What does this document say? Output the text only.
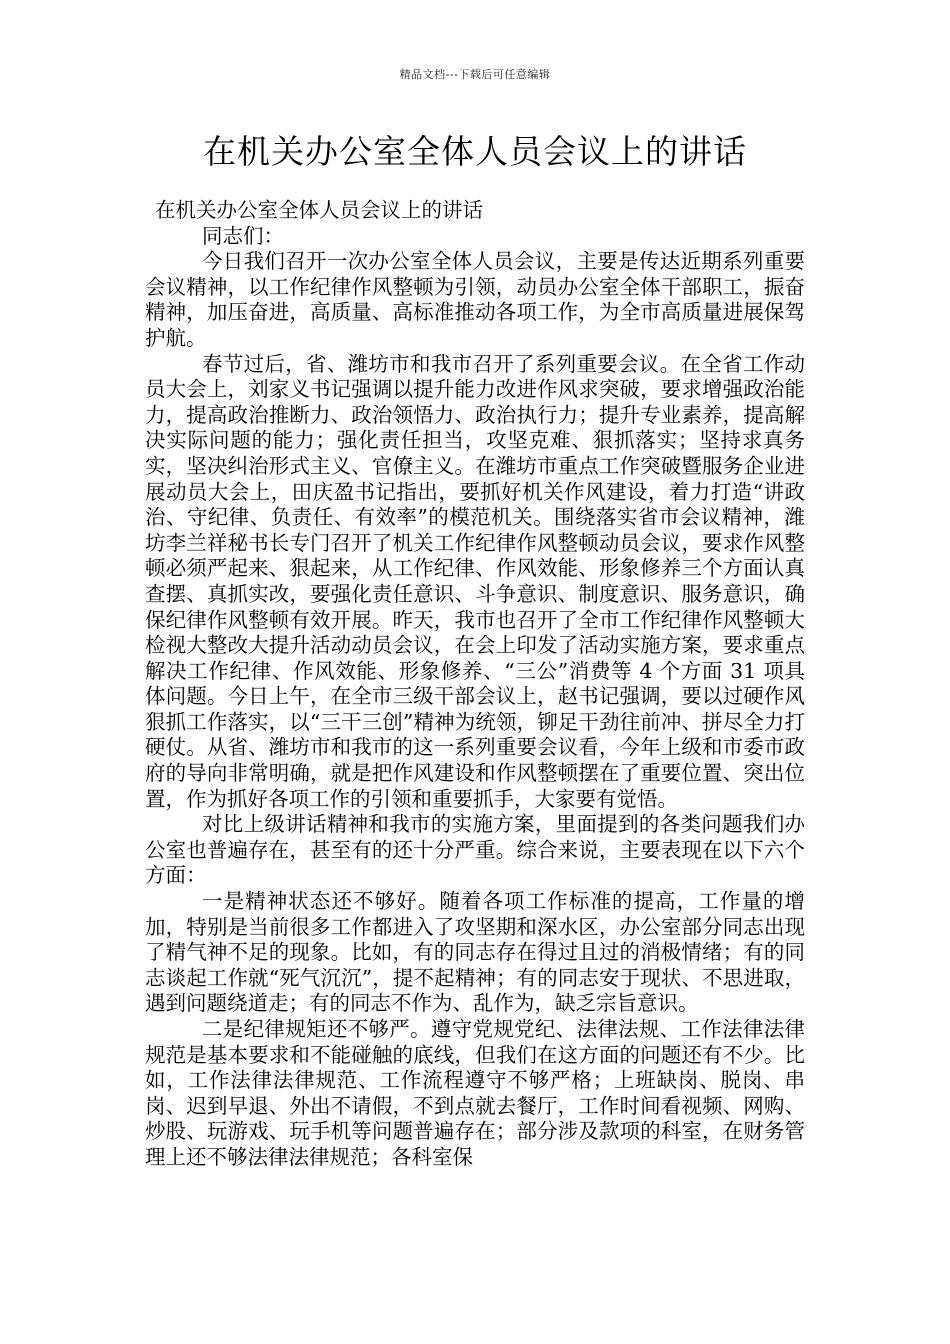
精品文档---下载后可任意编辑
在机关办公室全体人员会议上的讲话

在机关办公室全体人员会议上的讲话

同志们：

今日我们召开一次办公室全体人员会议，主要是传达近期系列重要会议精神，以工作纪律作风整顿为引领，动员办公室全体干部职工，振奋精神，加压奋进，高质量、高标准推动各项工作，为全市高质量进展保驾护航。

春节过后，省、潍坊市和我市召开了系列重要会议。在全省工作动员大会上，刘家义书记强调以提升能力改进作风求突破，要求增强政治能力，提高政治推断力、政治领悟力、政治执行力；提升专业素养，提高解决实际问题的能力；强化责任担当，攻坚克难、狠抓落实；坚持求真务实，坚决纠治形式主义、官僚主义。在潍坊市重点工作突破暨服务企业进展动员大会上，田庆盈书记指出，要抓好机关作风建设，着力打造“讲政治、守纪律、负责任、有效率”的模范机关。围绕落实省市会议精神，潍坊李兰祥秘书长专门召开了机关工作纪律作风整顿动员会议，要求作风整顿必须严起来、狠起来，从工作纪律、作风效能、形象修养三个方面认真查摆、真抓实改，要强化责任意识、斗争意识、制度意识、服务意识，确保纪律作风整顿有效开展。昨天，我市也召开了全市工作纪律作风整顿大检视大整改大提升活动动员会议，在会上印发了活动实施方案，要求重点解决工作纪律、作风效能、形象修养、“三公”消费等 4 个方面 31 项具体问题。今日上午，在全市三级干部会议上，赵书记强调，要以过硬作风狠抓工作落实，以“三干三创”精神为统领，铆足干劲往前冲、拼尽全力打硬仗。从省、潍坊市和我市的这一系列重要会议看，今年上级和市委市政府的导向非常明确，就是把作风建设和作风整顿摆在了重要位置、突出位置，作为抓好各项工作的引领和重要抓手，大家要有觉悟。

对比上级讲话精神和我市的实施方案，里面提到的各类问题我们办公室也普遍存在，甚至有的还十分严重。综合来说，主要表现在以下六个方面：

一是精神状态还不够好。随着各项工作标准的提高，工作量的增加，特别是当前很多工作都进入了攻坚期和深水区，办公室部分同志出现了精气神不足的现象。比如，有的同志存在得过且过的消极情绪；有的同志谈起工作就“死气沉沉”，提不起精神；有的同志安于现状、不思进取，遇到问题绕道走；有的同志不作为、乱作为，缺乏宗旨意识。

二是纪律规矩还不够严。遵守党规党纪、法律法规、工作法律法律规范是基本要求和不能碰触的底线，但我们在这方面的问题还有不少。比如，工作法律法律规范、工作流程遵守不够严格；上班缺岗、脱岗、串岗、迟到早退、外出不请假，不到点就去餐厅，工作时间看视频、网购、炒股、玩游戏、玩手机等问题普遍存在；部分涉及款项的科室，在财务管理上还不够法律法律规范；各科室保
